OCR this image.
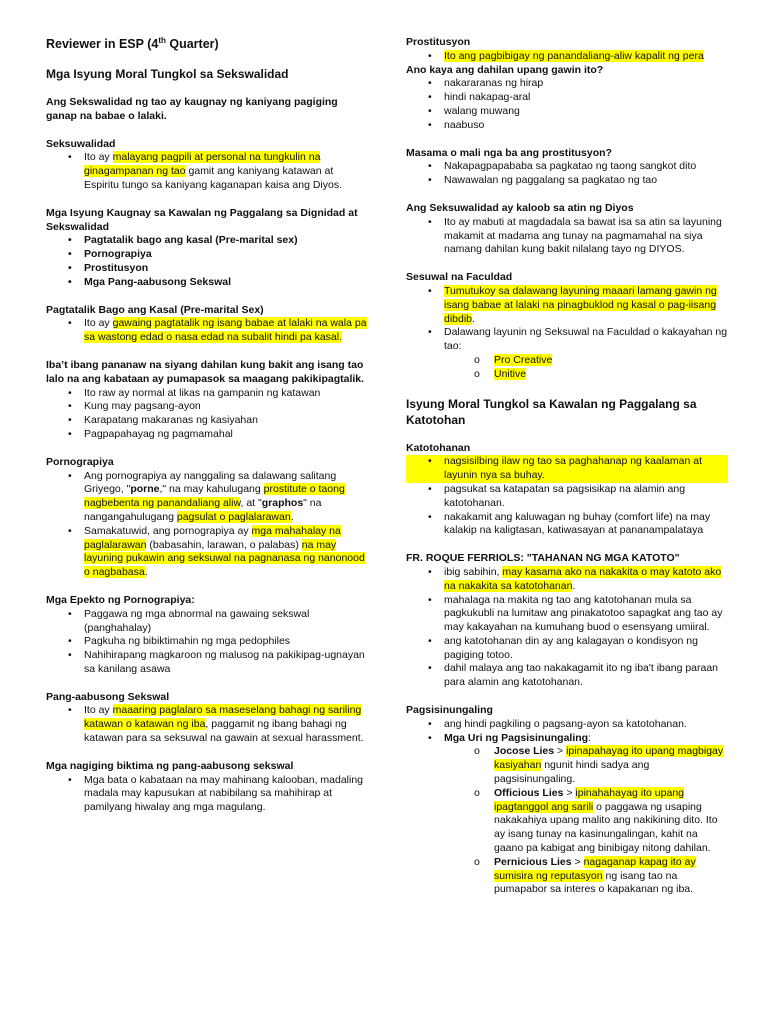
Reviewer in ESP (4th Quarter)
Mga Isyung Moral Tungkol sa Sekswalidad
Ang Sekswalidad ng tao ay kaugnay ng kaniyang pagiging ganap na babae o lalaki.
Seksuwalidad
• Ito ay malayang pagpili at personal na tungkulin na ginagampanan ng tao gamit ang kaniyang katawan at Espiritu tungo sa kaniyang kaganapan kaisa ang Diyos.
Mga Isyung Kaugnay sa Kawalan ng Paggalang sa Dignidad at Sekswalidad
• Pagtatalik bago ang kasal (Pre-marital sex)
• Pornograpiya
• Prostitusyon
• Mga Pang-aabusong Sekswal
Pagtatalik Bago ang Kasal (Pre-marital Sex)
• Ito ay gawaing pagtatalik ng isang babae at lalaki na wala pa sa wastong edad o nasa edad na subalit hindi pa kasal.
Iba’t ibang pananaw na siyang dahilan kung bakit ang isang tao lalo na ang kabataan ay pumapasok sa maagang pakikipagtalik.
• Ito raw ay normal at likas na gampanin ng katawan
• Kung may pagsang-ayon
• Karapatang makaranas ng kasiyahan
• Pagpapahayag ng pagmamahal
Pornograpiya
• Ang pornograpiya ay nanggaling sa dalawang salitang Griyego, "porne," na may kahulugang prostitute o taong nagbebenta ng panandaliang aliw, at "graphos" na nangangahulugang pagsulat o paglalarawan.
• Samakatuwid, ang pornograpiya ay mga mahahalay na paglalarawan (babasahin, larawan, o palabas) na may layuning pukawin ang seksuwal na pagnanasa ng nanonood o nagbabasa.
Mga Epekto ng Pornograpiya:
• Paggawa ng mga abnormal na gawaing sekswal (panghahalay)
• Pagkuha ng bibiktimahin ng mga pedophiles
• Nahihirapang magkaroon ng malusog na pakikipag-ugnayan sa kanilang asawa
Pang-aabusong Sekswal
• Ito ay maaaring paglalaro sa maseselang bahagi ng sariling katawan o katawan ng iba, paggamit ng ibang bahagi ng katawan para sa seksuwal na gawain at sexual harassment.
Mga nagiging biktima ng pang-aabusong sekswal
• Mga bata o kabataan na may mahinang kalooban, madaling madala may kapusukan at nabibilang sa mahihirap at pamilyang hiwalay ang mga magulang.
Prostitusyon
• Ito ang pagbibigay ng panandaliang-aliw kapalit ng pera
Ano kaya ang dahilan upang gawin ito?
• nakararanas ng hirap
• hindi nakapag-aral
• walang muwang
• naabuso
Masama o mali nga ba ang prostitusyon?
• Nakapagpapababa sa pagkatao ng taong sangkot dito
• Nawawalan ng paggalang sa pagkatao ng tao
Ang Seksuwalidad ay kaloob sa atin ng Diyos
• Ito ay mabuti at magdadala sa bawat isa sa atin sa layuning makamit at madama ang tunay na pagmamahal na siya namang dahilan kung bakit nilalang tayo ng DIYOS.
Sesuwal na Faculdad
• Tumutukoy sa dalawang layuning maaari lamang gawin ng isang babae at lalaki na pinagbuklod ng kasal o pag-iisang dibdib.
• Dalawang layunin ng Seksuwal na Faculdad o kakayahan ng tao:
o Pro Creative
o Unitive
Isyung Moral Tungkol sa Kawalan ng Paggalang sa Katotohan
Katotohanan
• nagsisilbing ilaw ng tao sa paghahanap ng kaalaman at layunin nya sa buhay.
• pagsukat sa katapatan sa pagsisikap na alamin ang katotohanan.
• nakakamit ang kaluwagan ng buhay (comfort life) na may kalakip na kaligtasan, katiwasayan at pananampalataya
FR. ROQUE FERRIOLS: "TAHANAN NG MGA KATOTO"
• ibig sabihin, may kasama ako na nakakita o may katoto ako na nakakita sa katotohanan.
• mahalaga na makita ng tao ang katotohanan mula sa pagkukubli na lumitaw ang pinakatotoo sapagkat ang tao ay may kakayahan na kumuhang buod o esensyang umiiral.
• ang katotohanan din ay ang kalagayan o kondisyon ng pagiging totoo.
• dahil malaya ang tao nakakagamit ito ng iba't ibang paraan para alamin ang katotohanan.
Pagsisinungaling
• ang hindi pagkiling o pagsang-ayon sa katotohanan.
• Mga Uri ng Pagsisinungaling:
o Jocose Lies > ipinapahayag ito upang magbigay kasiyahan ngunit hindi sadya ang pagsisinungaling.
o Officious Lies > ipinahahayag ito upang ipagtanggol ang sarili o paggawa ng usaping nakakahiya upang malito ang nakikining dito. Ito ay isang tunay na kasinungalingan, kahit na gaano pa kabigat ang binibigay nitong dahilan.
o Pernicious Lies > nagaganap kapag ito ay sumisira ng reputasyon ng isang tao na pumapabor sa interes o kapakanan ng iba.
